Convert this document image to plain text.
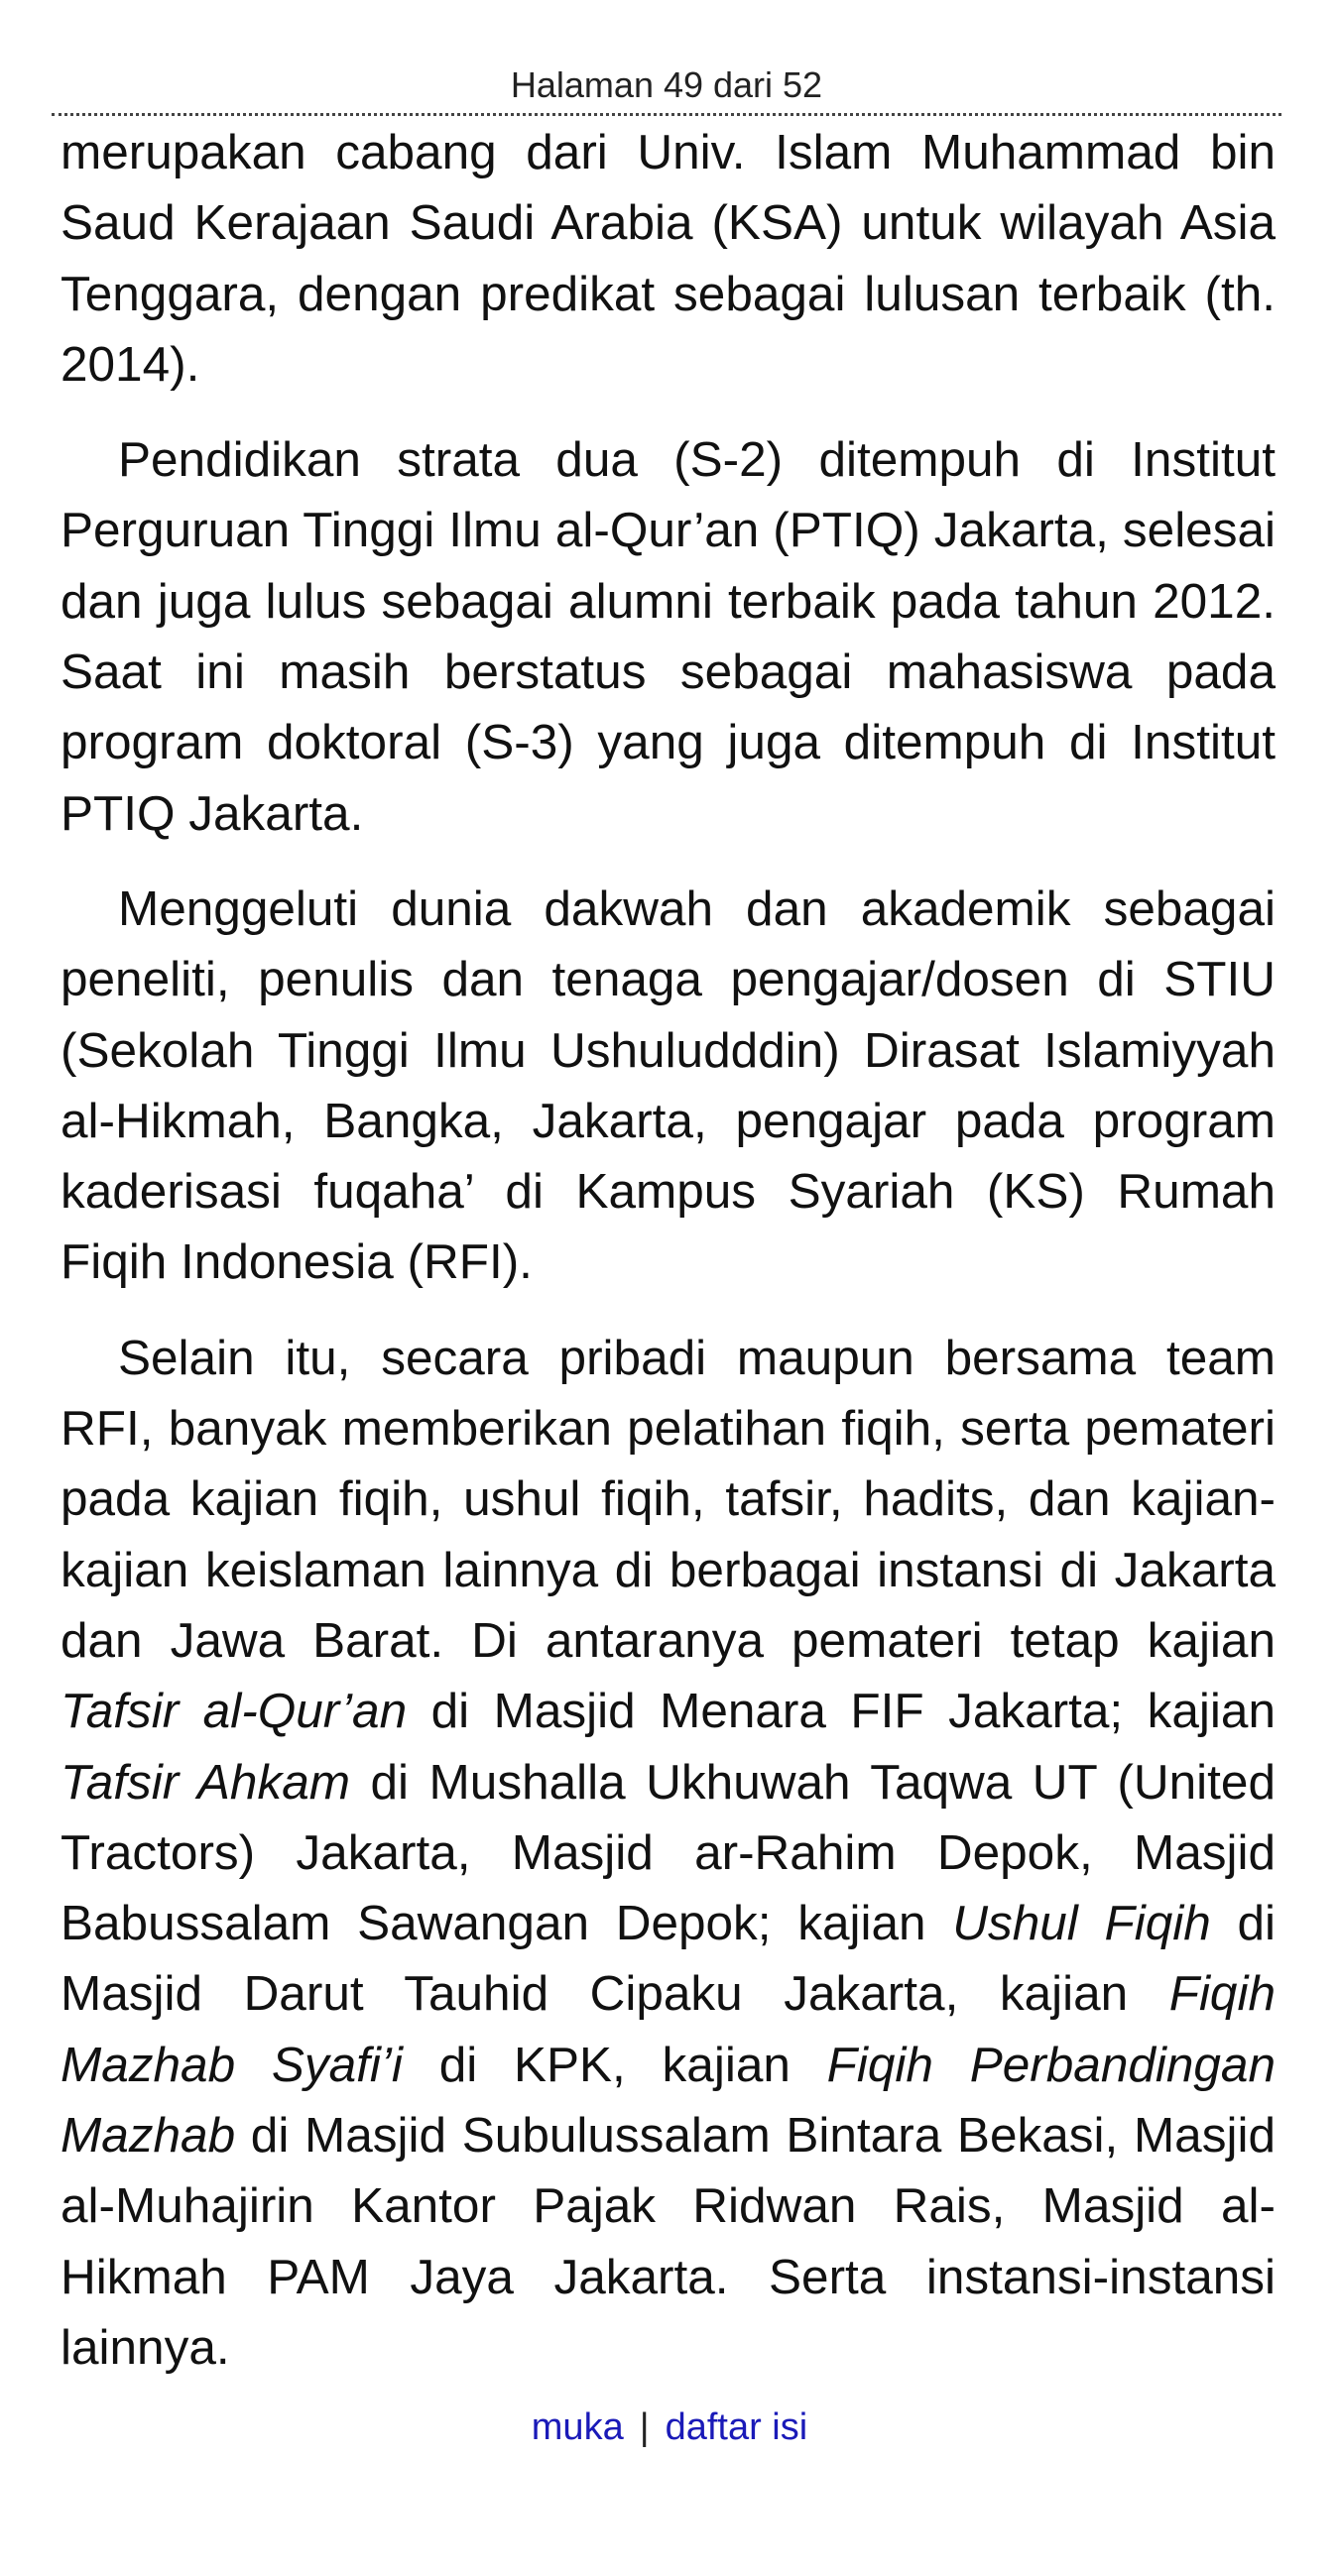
Halaman 49 dari 52

merupakan cabang dari Univ. Islam Muhammad bin Saud Kerajaan Saudi Arabia (KSA) untuk wilayah Asia Tenggara, dengan predikat sebagai lulusan terbaik (th. 2014).

Pendidikan strata dua (S-2) ditempuh di Institut Perguruan Tinggi Ilmu al-Qur’an (PTIQ) Jakarta, selesai dan juga lulus sebagai alumni terbaik pada tahun 2012. Saat ini masih berstatus sebagai mahasiswa pada program doktoral (S-3) yang juga ditempuh di Institut PTIQ Jakarta.

Menggeluti dunia dakwah dan akademik sebagai peneliti, penulis dan tenaga pengajar/dosen di STIU (Sekolah Tinggi Ilmu Ushuludddin) Dirasat Islamiyyah al-Hikmah, Bangka, Jakarta, pengajar pada program kaderisasi fuqaha’ di Kampus Syariah (KS) Rumah Fiqih Indonesia (RFI).

Selain itu, secara pribadi maupun bersama team RFI, banyak memberikan pelatihan fiqih, serta pemateri pada kajian fiqih, ushul fiqih, tafsir, hadits, dan kajian-kajian keislaman lainnya di berbagai instansi di Jakarta dan Jawa Barat. Di antaranya pemateri tetap kajian Tafsir al-Qur’an di Masjid Menara FIF Jakarta; kajian Tafsir Ahkam di Mushalla Ukhuwah Taqwa UT (United Tractors) Jakarta, Masjid ar-Rahim Depok, Masjid Babussalam Sawangan Depok; kajian Ushul Fiqih di Masjid Darut Tauhid Cipaku Jakarta, kajian Fiqih Mazhab Syafi’i di KPK, kajian Fiqih Perbandingan Mazhab di Masjid Subulussalam Bintara Bekasi, Masjid al-Muhajirin Kantor Pajak Ridwan Rais, Masjid al-Hikmah PAM Jaya Jakarta. Serta instansi-instansi lainnya.

muka | daftar isi
